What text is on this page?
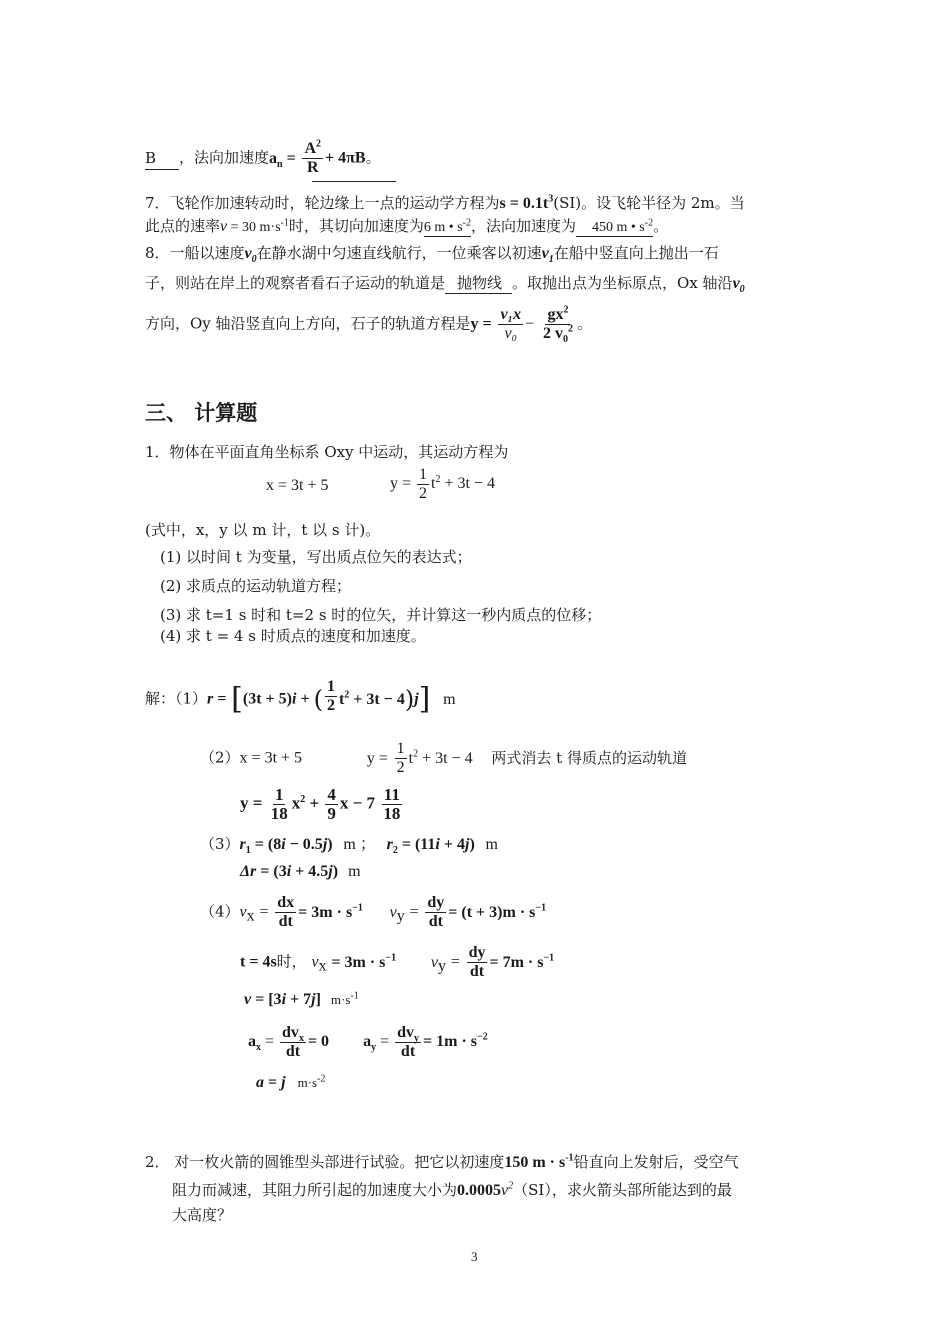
B ，法向加速度$a_n = \frac{A^2}{R} + 4\pi B$。
7．飞轮作加速转动时，轮边缘上一点的运动学方程为$s = 0.1t^3(SI)$。设飞轮半径为 2m。当
此点的速率v = 30 $m\cdot s^{-1}$时，其切向加速度为6 m • $s^{-2}$，法向加速度为 450 m • $s^{-2}$。
8．一船以速度$v_0$在静水湖中匀速直线航行，一位乘客以初速$v_1$在船中竖直向上抛出一石
子，则站在岸上的观察者看石子运动的轨道是 抛物线 。取抛出点为坐标原点，Ox 轴沿$v_0$
方向，Oy 轴沿竖直向上方向，石子的轨道方程是$y = \frac{\text{v₁x}}{\text{v₀}} - \frac{gx^2}{2 v_0^2}$ 。
三、 计算题
1．物体在平面直角坐标系 Oxy 中运动，其运动方程为
x = 3t + 5	$y = \frac{1}{2} t^2 + 3t - 4$
(式中，x，y 以 m 计，t 以 s 计)。
(1) 以时间 t 为变量，写出质点位矢的表达式；
(2) 求质点的运动轨道方程；
(3) 求 t=1 s 时和 t=2 s 时的位矢，并计算这一秒内质点的位移；
(4) 求 t = 4 s 时质点的速度和加速度。
解：（1）r = [(3t + 5)i + ( $\frac{1}{2} t^2 + 3t - 4)j$] m
（2）x = 3t + 5	$y = \frac{1}{2} t^2 + 3t - 4$ 两式消去 t 得质点的运动轨道
$y = \frac{1}{18} x^2 + \frac{4}{9}$ $x - 7 \frac{11}{18}$
$(3)r_1 = (8i - 0.5j)$ m ； $r_2 = (11i + 4j)$ m
Δr = (3i + 4.5j) m
$(4)v_x = \frac{dx}{dt} = 3m \cdot s^{-1}$ $v_y = \frac{dy}{dt} = (t + 3)m \cdot s^{-1}$
t = 4s时， $v_x = 3m \cdot s^{-1}$ $v_y = \frac{dy}{dt} = 7m \cdot s^{-1}$
v = [3i + 7j] $m\cdot s^{-1}$
$a_x = \frac{dv_x}{dt} = 0$ $a_y = \frac{dv_y}{dt} = 1m \cdot s^{-2}$
a = j $m\cdot s^{-2}$
2． 对一枚火箭的圆锥型头部进行试验。把它以初速度150 $m \cdot s^{-1}$铅直向上发射后，受空气
阻力而减速，其阻力所引起的加速度大小为$0.0005v^2(SI)$，求火箭头部所能达到的最
大高度？
3
